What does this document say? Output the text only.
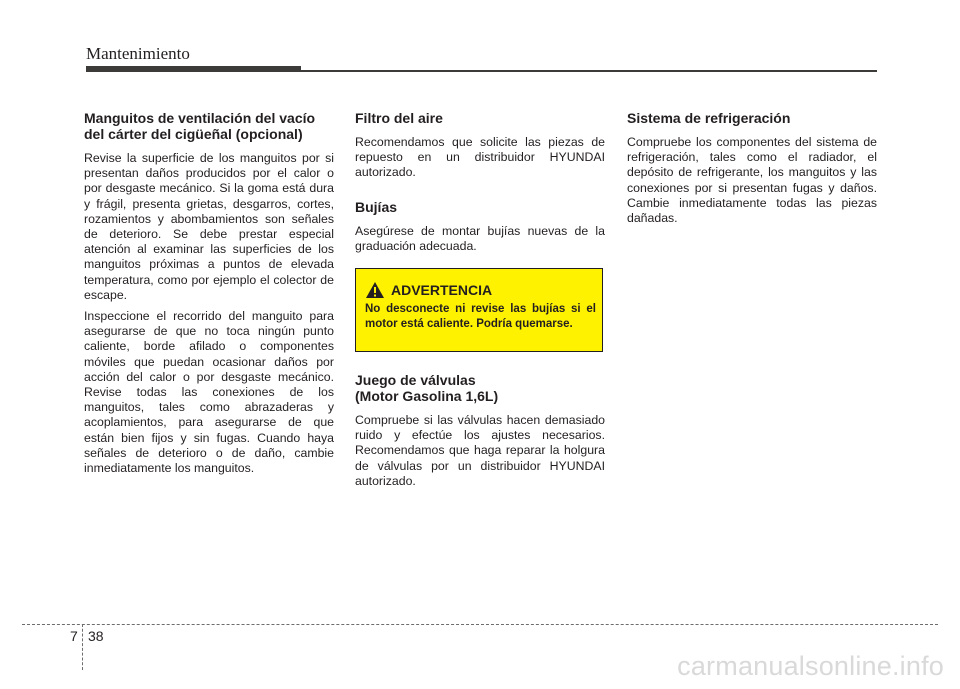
Mantenimiento
Manguitos de ventilación del vacío del cárter del cigüeñal (opcional)

Revise la superficie de los manguitos por si presentan daños producidos por el calor o por desgaste mecánico. Si la goma está dura y frágil, presenta grietas, desgarros, cortes, rozamientos y abombamientos son señales de deterioro. Se debe prestar especial atención al examinar las superficies de los manguitos próximas a puntos de elevada temperatura, como por ejemplo el colector de escape.

Inspeccione el recorrido del manguito para asegurarse de que no toca ningún punto caliente, borde afilado o componentes móviles que puedan ocasionar daños por acción del calor o por desgaste mecánico. Revise todas las conexiones de los manguitos, tales como abrazaderas y acoplamientos, para asegurarse de que están bien fijos y sin fugas. Cuando haya señales de deterioro o de daño, cambie inmediatamente los manguitos.

Filtro del aire

Recomendamos que solicite las piezas de repuesto en un distribuidor HYUNDAI autorizado.

Bujías

Asegúrese de montar bujías nuevas de la graduación adecuada.

ADVERTENCIA
No desconecte ni revise las bujías si el motor está caliente. Podría quemarse.
Juego de válvulas
(Motor Gasolina 1,6L)

Compruebe si las válvulas hacen demasiado ruido y efectúe los ajustes necesarios. Recomendamos que haga reparar la holgura de válvulas por un distribuidor HYUNDAI autorizado.

Sistema de refrigeración

Compruebe los componentes del sistema de refrigeración, tales como el radiador, el depósito de refrigerante, los manguitos y las conexiones por si presentan fugas y daños. Cambie inmediatamente todas las piezas dañadas.

7 38
carmanualsonline.info
